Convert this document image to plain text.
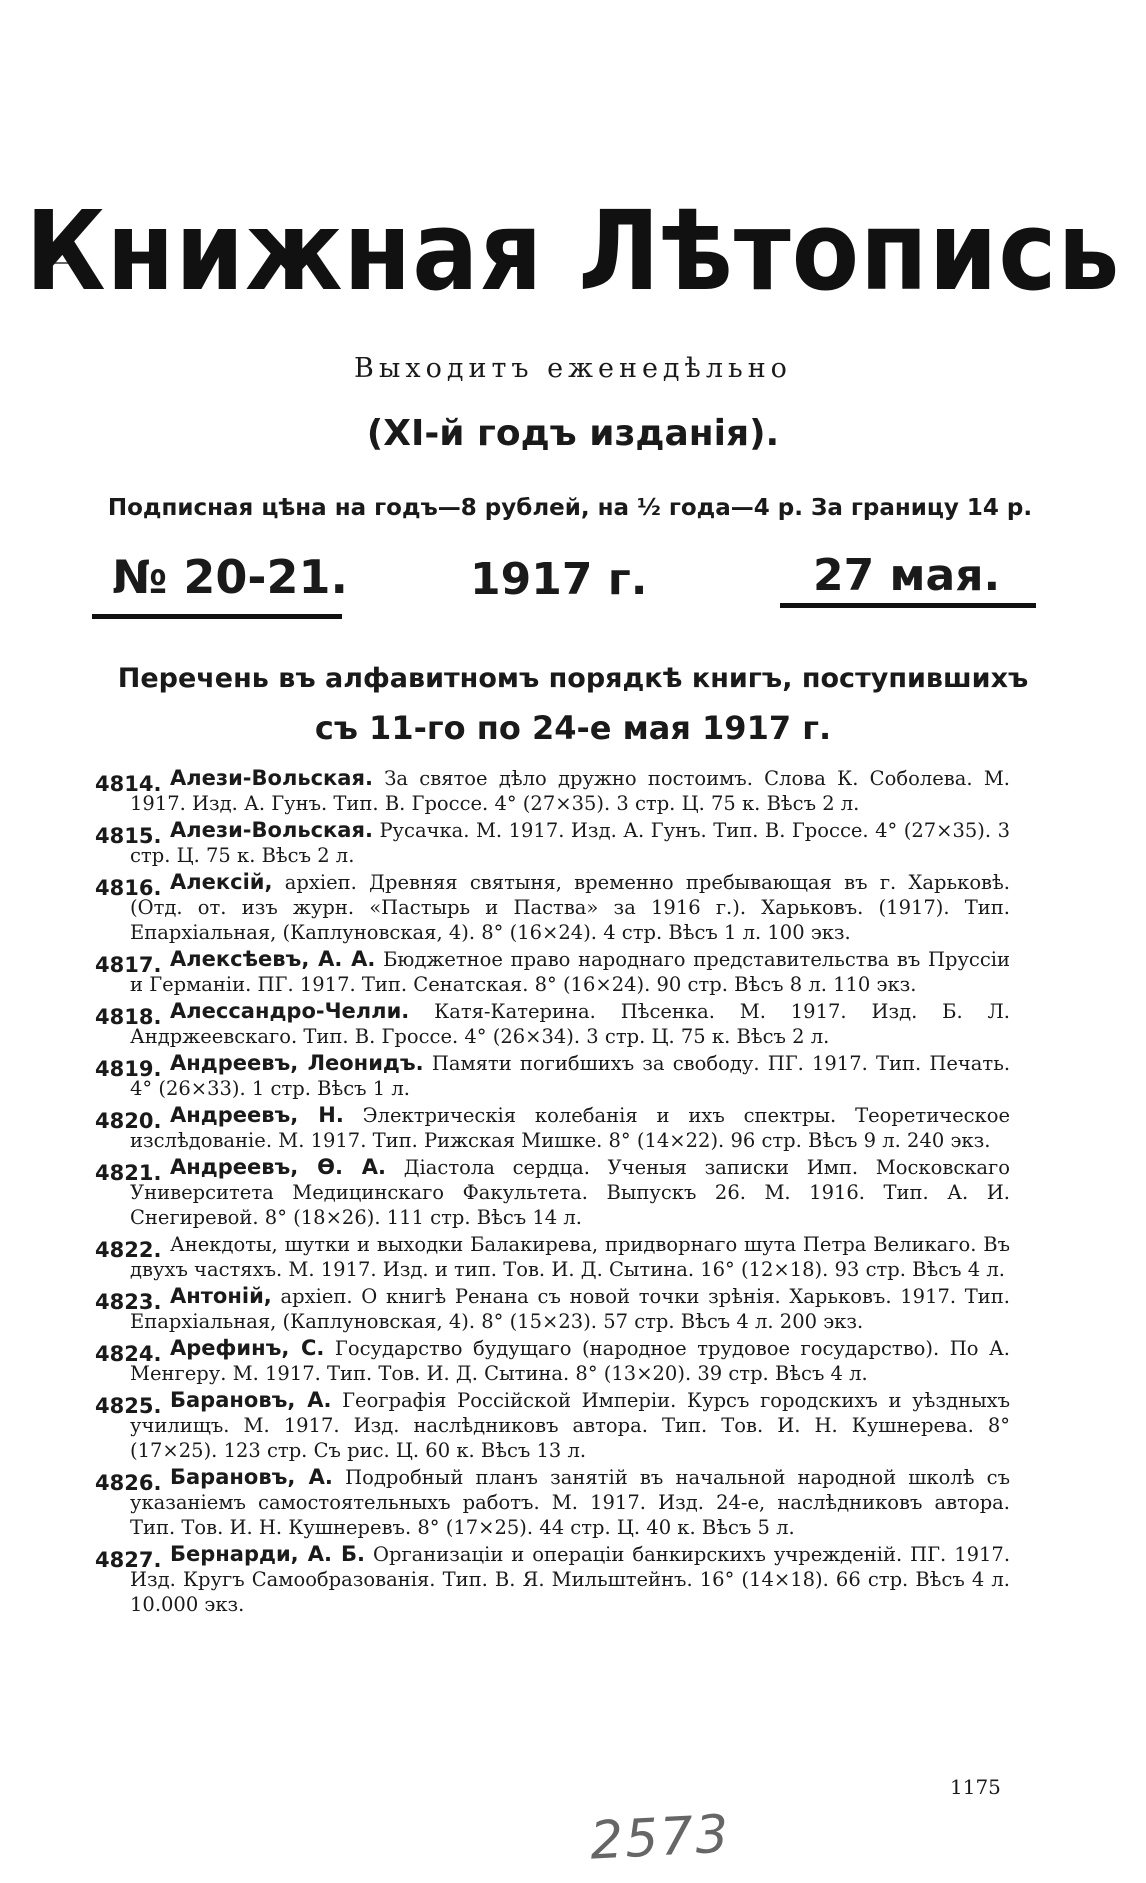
Книжная Лѣтопись
Выходитъ еженедѣльно
(XI-й годъ изданія).
Подписная цѣна на годъ—8 рублей, на ½ года—4 р. За границу 14 р.
№ 20-21.	1917 г.	27 мая.
Перечень въ алфавитномъ порядкѣ книгъ, поступившихъ
съ 11-го по 24-е мая 1917 г.
4814. Алези-Вольская. За святое дѣло дружно постоимъ. Слова К. Соболева. М. 1917. Изд. А. Гунъ. Тип. В. Гроссе. 4° (27×35). 3 стр. Ц. 75 к. Вѣсъ 2 л.
4815. Алези-Вольская. Русачка. М. 1917. Изд. А. Гунъ. Тип. В. Гроссе. 4° (27×35). 3 стр. Ц. 75 к. Вѣсъ 2 л.
4816. Алексій, архіеп. Древняя святыня, временно пребывающая въ г. Харьковѣ. (Отд. от. изъ журн. «Пастырь и Паства» за 1916 г.). Харьковъ. (1917). Тип. Епархіальная, (Каплуновская, 4). 8° (16×24). 4 стр. Вѣсъ 1 л. 100 экз.
4817. Алексѣевъ, А. А. Бюджетное право народнаго представительства въ Пруссіи и Германіи. ПГ. 1917. Тип. Сенатская. 8° (16×24). 90 стр. Вѣсъ 8 л. 110 экз.
4818. Алессандро-Челли. Катя-Катерина. Пѣсенка. М. 1917. Изд. Б. Л. Андржеевскаго. Тип. В. Гроссе. 4° (26×34). 3 стр. Ц. 75 к. Вѣсъ 2 л.
4819. Андреевъ, Леонидъ. Памяти погибшихъ за свободу. ПГ. 1917. Тип. Печать. 4° (26×33). 1 стр. Вѣсъ 1 л.
4820. Андреевъ, Н. Электрическія колебанія и ихъ спектры. Теоретическое изслѣдованіе. М. 1917. Тип. Рижская Мишке. 8° (14×22). 96 стр. Вѣсъ 9 л. 240 экз.
4821. Андреевъ, Ѳ. А. Діастола сердца. Ученыя записки Имп. Московскаго Университета Медицинскаго Факультета. Выпускъ 26. М. 1916. Тип. А. И. Снегиревой. 8° (18×26). 111 стр. Вѣсъ 14 л.
4822. Анекдоты, шутки и выходки Балакирева, придворнаго шута Петра Великаго. Въ двухъ частяхъ. М. 1917. Изд. и тип. Тов. И. Д. Сытина. 16° (12×18). 93 стр. Вѣсъ 4 л.
4823. Антоній, архіеп. О книгѣ Ренана съ новой точки зрѣнія. Харьковъ. 1917. Тип. Епархіальная, (Каплуновская, 4). 8° (15×23). 57 стр. Вѣсъ 4 л. 200 экз.
4824. Арефинъ, С. Государство будущаго (народное трудовое государство). По А. Менгеру. М. 1917. Тип. Тов. И. Д. Сытина. 8° (13×20). 39 стр. Вѣсъ 4 л.
4825. Барановъ, А. Географія Россійской Имперіи. Курсъ городскихъ и уѣздныхъ училищъ. М. 1917. Изд. наслѣдниковъ автора. Тип. Тов. И. Н. Кушнерева. 8° (17×25). 123 стр. Съ рис. Ц. 60 к. Вѣсъ 13 л.
4826. Барановъ, А. Подробный планъ занятій въ начальной народной школѣ съ указаніемъ самостоятельныхъ работъ. М. 1917. Изд. 24-е, наслѣдниковъ автора. Тип. Тов. И. Н. Кушнеревъ. 8° (17×25). 44 стр. Ц. 40 к. Вѣсъ 5 л.
4827. Бернарди, А. Б. Организаціи и операціи банкирскихъ учрежденій. ПГ. 1917. Изд. Кругъ Самообразованія. Тип. В. Я. Мильштейнъ. 16° (14×18). 66 стр. Вѣсъ 4 л. 10.000 экз.
1175
2573
